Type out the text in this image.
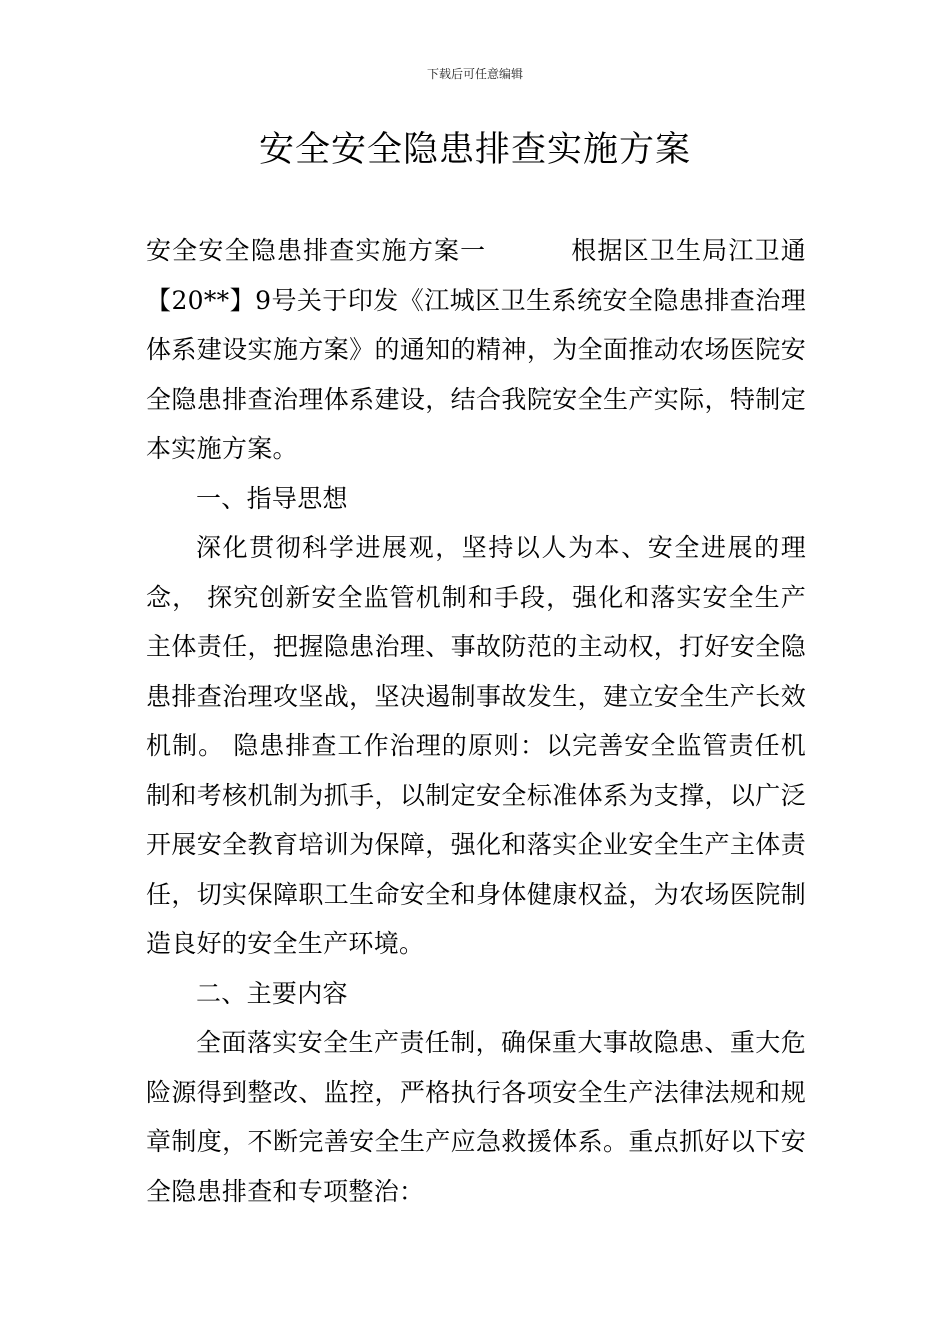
下载后可任意编辑
安全安全隐患排查实施方案

安全安全隐患排查实施方案一	根据区卫生局江卫通【20**】9号关于印发《江城区卫生系统安全隐患排查治理体系建设实施方案》的通知的精神，为全面推动农场医院安全隐患排查治理体系建设，结合我院安全生产实际，特制定本实施方案。

一、指导思想

深化贯彻科学进展观，坚持以人为本、安全进展的理念， 探究创新安全监管机制和手段，强化和落实安全生产主体责任，把握隐患治理、事故防范的主动权，打好安全隐患排查治理攻坚战，坚决遏制事故发生，建立安全生产长效机制。 隐患排查工作治理的原则：以完善安全监管责任机制和考核机制为抓手，以制定安全标准体系为支撑，以广泛开展安全教育培训为保障，强化和落实企业安全生产主体责任，切实保障职工生命安全和身体健康权益，为农场医院制造良好的安全生产环境。

二、主要内容

全面落实安全生产责任制，确保重大事故隐患、重大危险源得到整改、监控，严格执行各项安全生产法律法规和规章制度，不断完善安全生产应急救援体系。重点抓好以下安全隐患排查和专项整治：
